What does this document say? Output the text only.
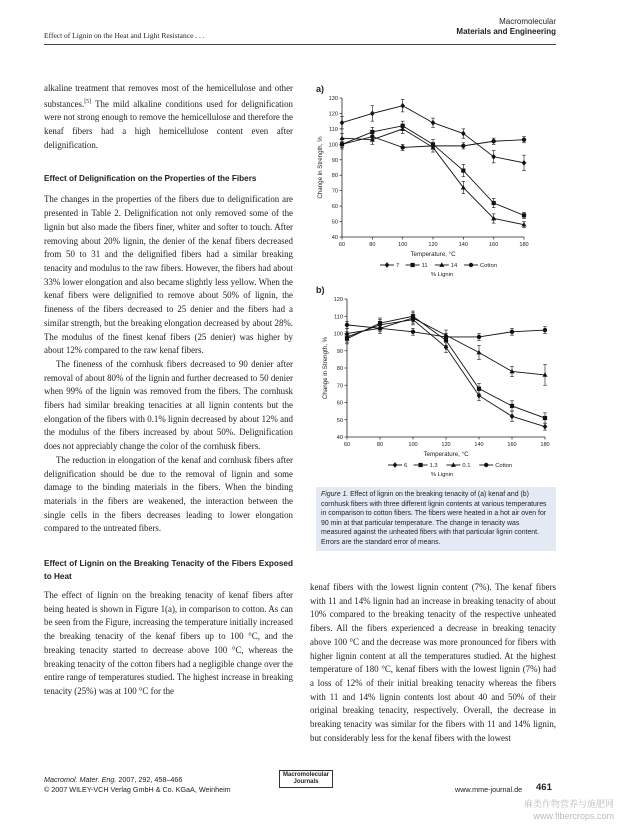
Effect of Lignin on the Heat and Light Resistance . . .
Macromolecular
Materials and Engineering

alkaline treatment that removes most of the hemicellulose and other substances.[5] The mild alkaline conditions used for delignification were not strong enough to remove the hemicellulose and therefore the kenaf fibers had a high hemicellulose content even after delignification.

Effect of Delignification on the Properties of the Fibers

The changes in the properties of the fibers due to delignification are presented in Table 2. Delignification not only removed some of the lignin but also made the fibers finer, whiter and softer to touch. After removing about 20% lignin, the denier of the kenaf fibers decreased from 50 to 31 and the delignified fibers had a similar breaking tenacity and modulus to the raw fibers. However, the fibers had about 33% lower elongation and also became slightly less yellow. When the kenaf fibers were delignified to remove about 50% of lignin, the fineness of the fibers decreased to 25 denier and the fibers had a similar strength, but the breaking elongation decreased by about 28%. The modulus of the finest kenaf fibers (25 denier) was higher by about 12% compared to the raw kenaf fibers.

The fineness of the cornhusk fibers decreased to 90 denier after removal of about 80% of the lignin and further decreased to 50 denier when 99% of the lignin was removed from the fibers. The cornhusk fibers had similar breaking tenacities at all lignin contents but the elongation of the fibers with 0.1% lignin decreased by about 12% and the modulus of the fibers increased by about 50%. Delignification does not appreciably change the color of the cornhusk fibers.

The reduction in elongation of the kenaf and cornhusk fibers after delignification should be due to the removal of lignin and some damage to the binding materials in the fibers. When the binding materials in the fibers are weakened, the interaction between the single cells in the fibers decreases leading to lower elongation compared to the untreated fibers.

Effect of Lignin on the Breaking Tenacity of the Fibers Exposed to Heat

The effect of lignin on the breaking tenacity of kenaf fibers after being heated is shown in Figure 1(a), in comparison to cotton. As can be seen from the Figure, increasing the temperature initially increased the breaking tenacity of the kenaf fibers up to 100 °C, and the breaking tenacity started to decrease above 100 °C, whereas the breaking tenacity of the cotton fibers had a negligible change over the entire range of temperatures studied. The highest increase in breaking tenacity (25%) was at 100 °C for the

a)
b)
40
50
60
70
80
90
100
110
120
130
60	80	100	120	140	160	180
Temperature, °C
Change in Strength, %
7	11	14	Cotton
% Lignin
40
50
60
70
80
90
100
110
120
60	80	100	120	140	160	180
Temperature, °C
Change in Strength, %
6	1.3	0.1	Cotton
% Lignin
Figure 1. Effect of lignin on the breaking tenacity of (a) kenaf and (b) cornhusk fibers with three different lignin contents at various temperatures in comparison to cotton fibers. The fibers were heated in a hot air oven for 90 min at that particular temperature. The change in tenacity was measured against the unheated fibers with that particular lignin content. Errors are the standard error of means.

kenaf fibers with the lowest lignin content (7%). The kenaf fibers with 11 and 14% lignin had an increase in breaking tenacity of about 10% compared to the breaking tenacity of the respective unheated fibers. All the fibers experienced a decrease in breaking tenacity above 100 °C and the decrease was more pronounced for fibers with higher lignin content at all the temperatures studied. At the highest temperature of 180 °C, kenaf fibers with the lowest lignin (7%) had a loss of 12% of their initial breaking tenacity whereas the fibers with 11 and 14% lignin contents lost about 40 and 50% of their original breaking tenacity, respectively. Overall, the decrease in breaking tenacity was similar for the fibers with 11 and 14% lignin, but considerably less for the kenaf fibers with the lowest

Macromol. Mater. Eng. 2007, 292, 458–466
© 2007 WILEY-VCH Verlag GmbH & Co. KGaA, Weinheim
Macromolecular
Journals
www.mme-journal.de 461
麻类作物营养与施肥网
www.fibercrops.com
